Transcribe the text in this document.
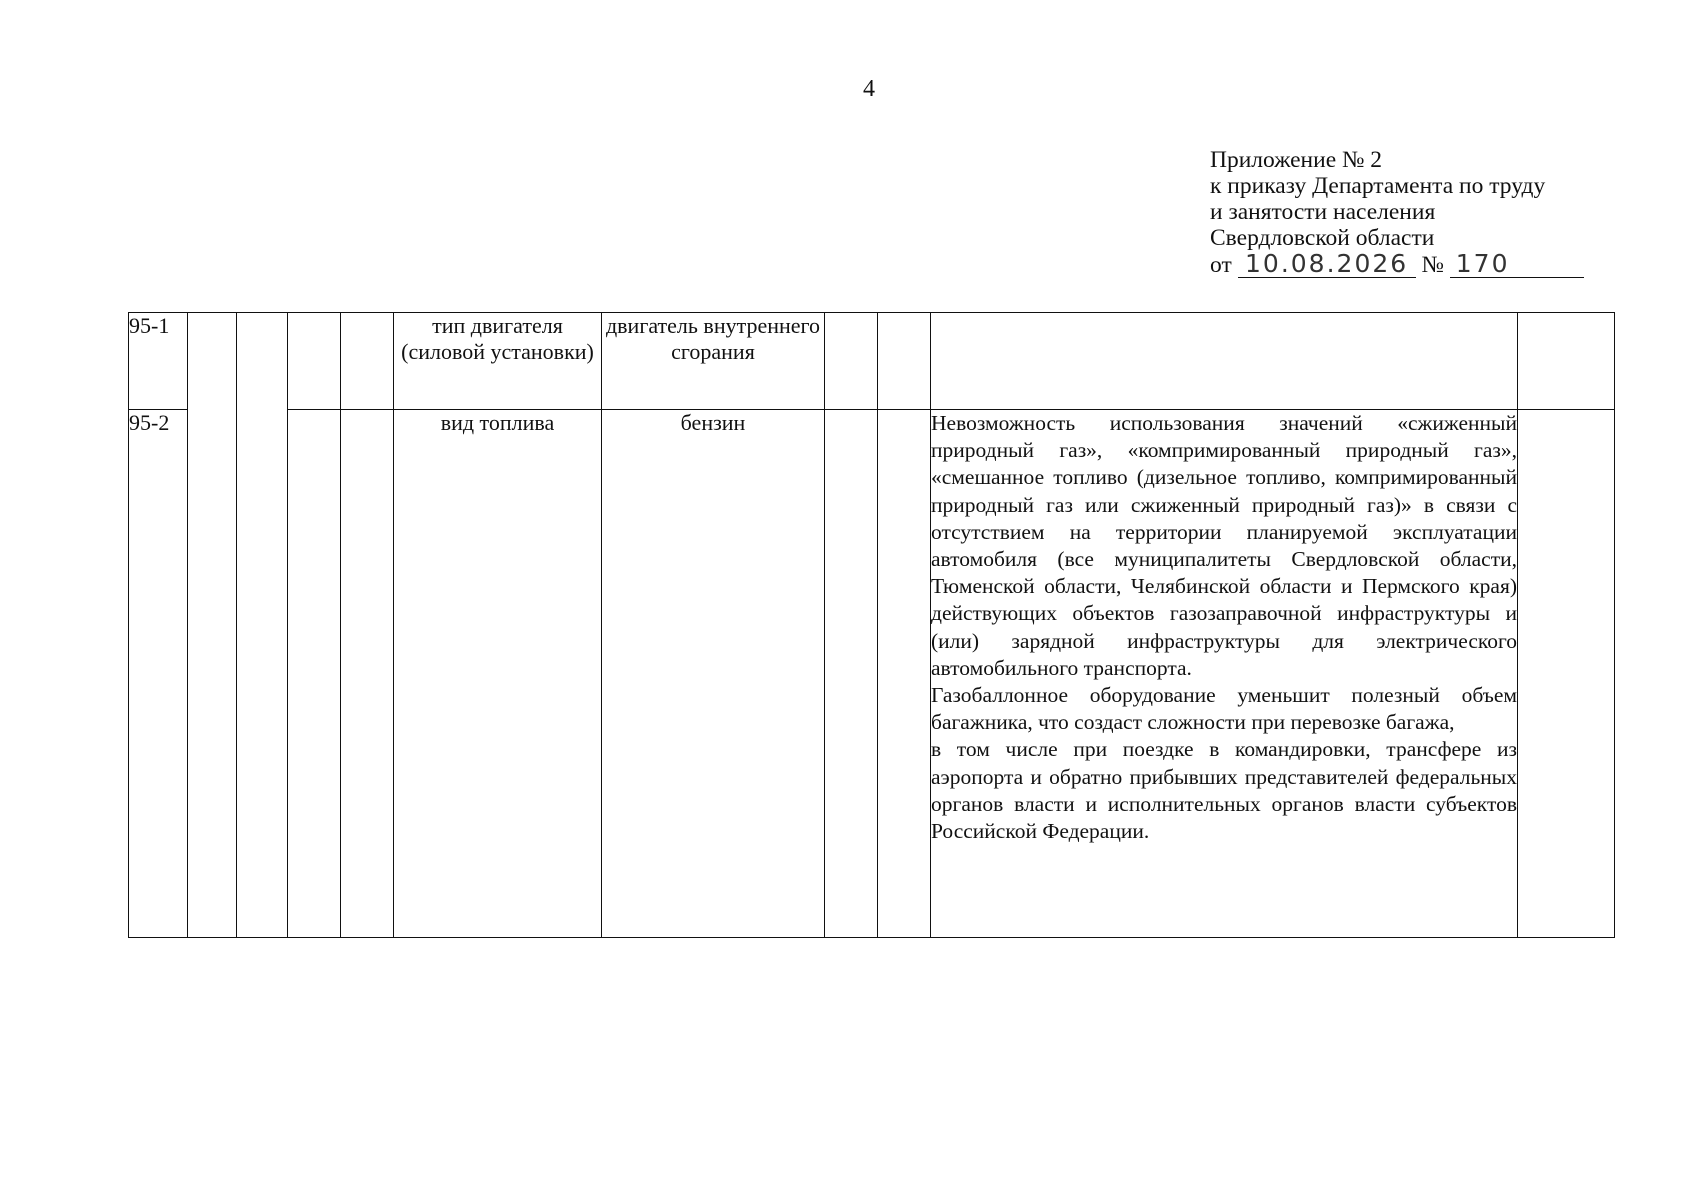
4
Приложение № 2
к приказу Департамента по труду
и занятости населения
Свердловской области
от 10.08.2026 № 170
95-1					тип двигателя (силовой установки)	двигатель внутреннего сгорания				
95-2					вид топлива	бензин			Невозможность использования значений «сжиженный природный газ», «компримированный природный газ», «смешанное топливо (дизельное топливо, компримированный природный газ или сжиженный природный газ)» в связи с отсутствием на территории планируемой эксплуатации автомобиля (все муниципалитеты Свердловской области, Тюменской области, Челябинской области и Пермского края) действующих объектов газозаправочной инфраструктуры и (или) зарядной инфраструктуры для электрического автомобильного транспорта.

Газобаллонное оборудование уменьшит полезный объем багажника, что создаст сложности при перевозке багажа,

в том числе при поездке в командировки, трансфере из аэропорта и обратно прибывших представителей федеральных органов власти и исполнительных органов власти субъектов Российской Федерации.	
